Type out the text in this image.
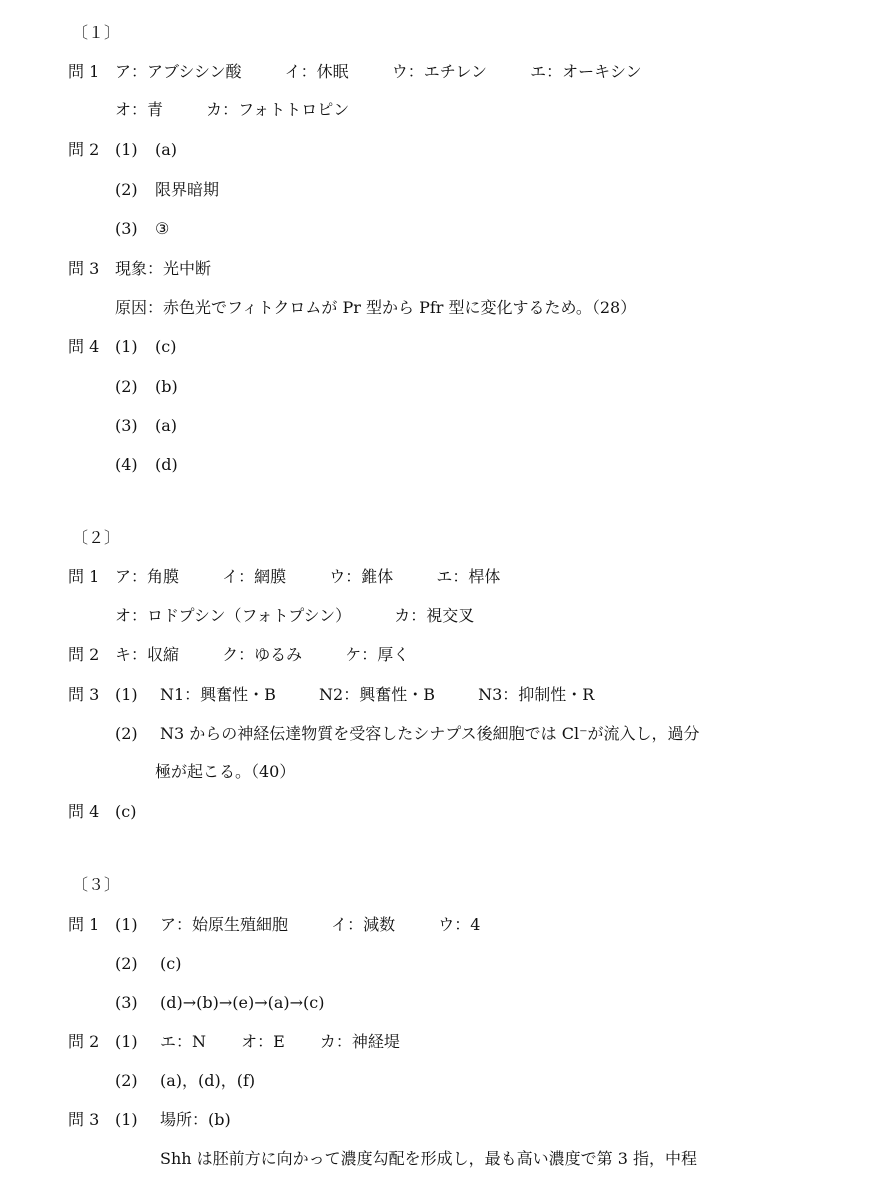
〔１〕
問 1 ア：アブシシン酸	イ：休眠	ウ：エチレン	エ：オーキシン
オ：青	カ：フォトトロピン
問 2 (1) (a)
(2) 限界暗期
(3) ③
問 3 現象：光中断
原因：赤色光でフィトクロムが Pr 型から Pfr 型に変化するため。（28）
問 4 (1) (c)
(2) (b)
(3) (a)
(4) (d)
〔２〕
問 1 ア：角膜	イ：網膜	ウ：錐体	エ：桿体
オ：ロドプシン（フォトプシン）	カ：視交叉
問 2 キ：収縮	ク：ゆるみ	ケ：厚く
問 3 (1) N1：興奮性・B	N2：興奮性・B	N3：抑制性・R
(2) N3 からの神経伝達物質を受容したシナプス後細胞では Cl⁻が流入し，過分
極が起こる。（40）
問 4 (c)
〔３〕
問 1 (1) ア：始原生殖細胞	イ：減数	ウ：4
(2) (c)
(3) (d)→(b)→(e)→(a)→(c)
問 2 (1) エ：N オ：E カ：神経堤
(2) (a)，(d)，(f)
問 3 (1) 場所：(b)
Shh は胚前方に向かって濃度勾配を形成し，最も高い濃度で第 3 指，中程
